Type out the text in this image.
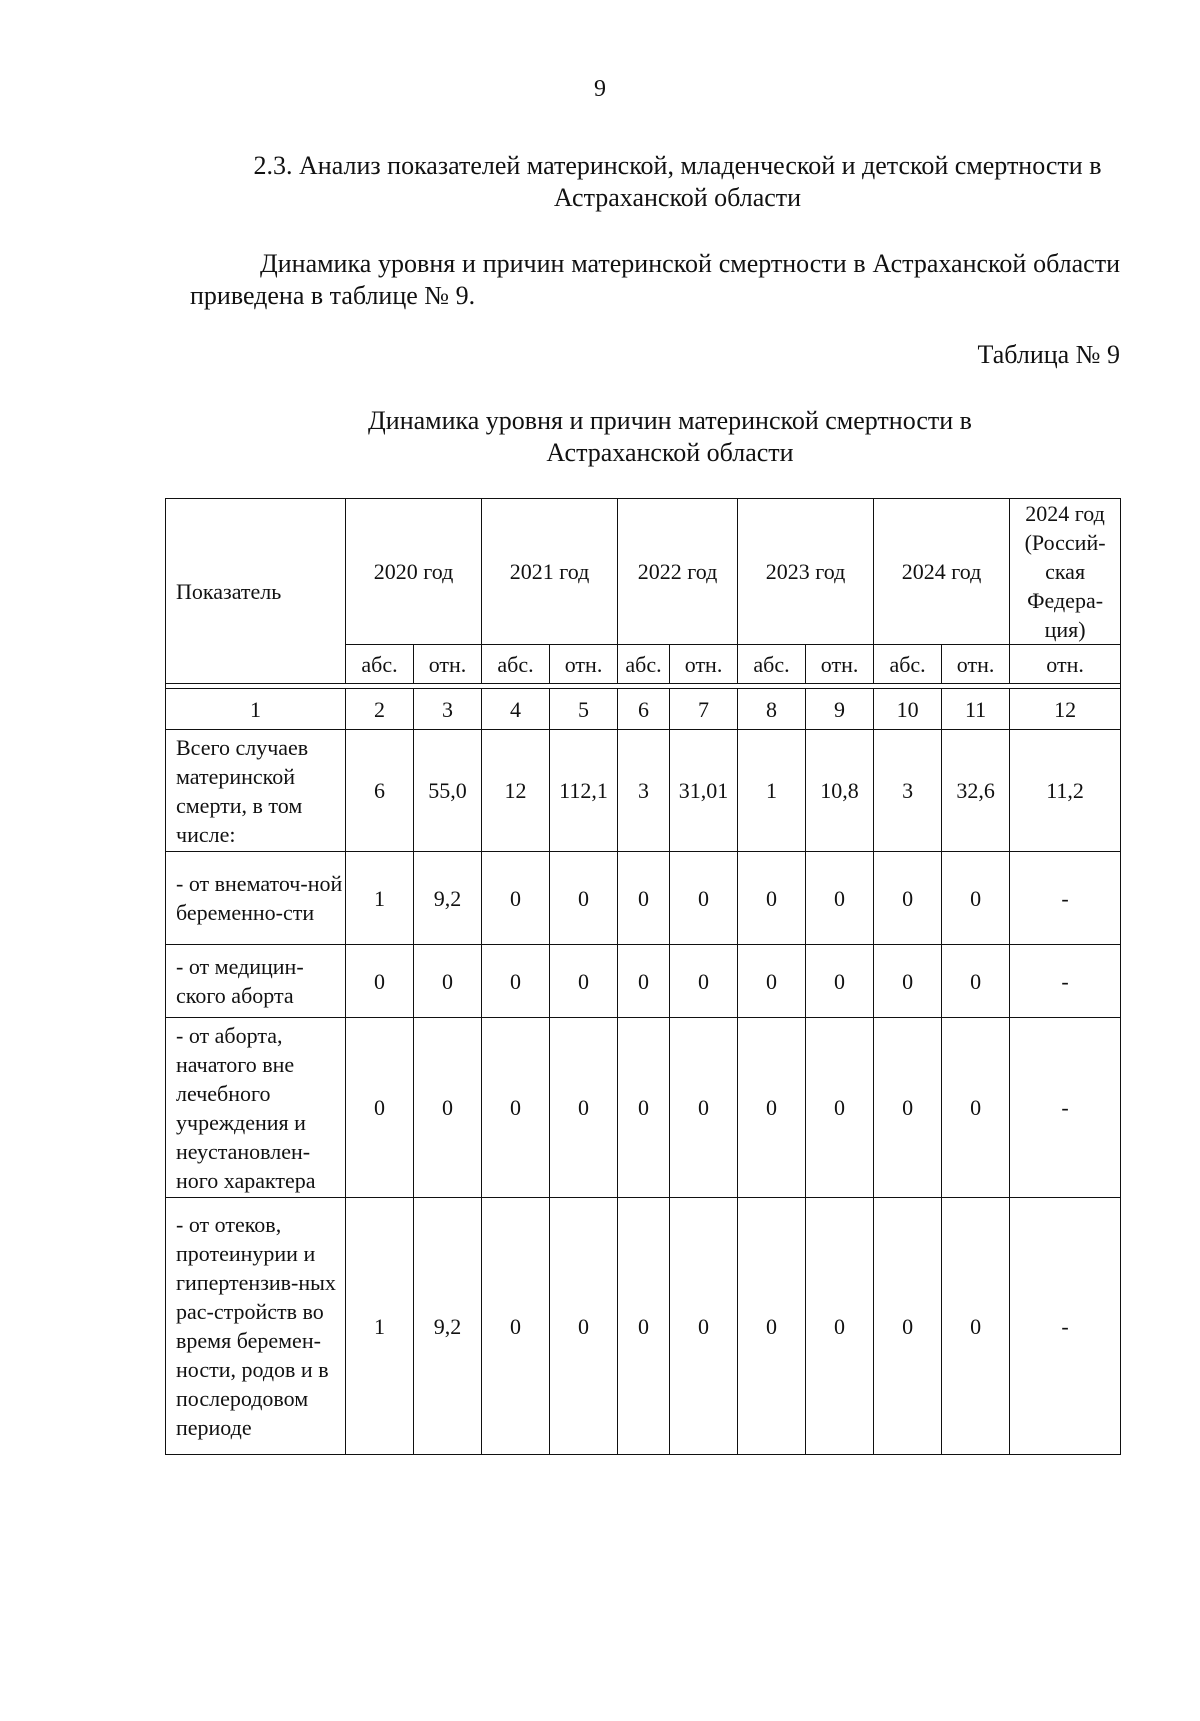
9
2.3. Анализ показателей материнской, младенческой и детской смертности в Астраханской области
Динамика уровня и причин материнской смертности в Астраханской области приведена в таблице № 9.
Таблица № 9
Динамика уровня и причин материнской смертности в Астраханской области
Показатель	2020 год		2021 год		2022 год		2023 год		2024 год		2024 год (Россий-ская Федера-ция)
	абс.	отн.	абс.	отн.	абс.	отн.	абс.	отн.	абс.	отн.	отн.

1	2	3	4	5	6	7	8	9	10	11	12
Всего случаев материнской смерти, в том числе:	6	55,0	12	112,1	3	31,01	1	10,8	3	32,6	11,2
- от внематоч-ной беременно-сти	1	9,2	0	0	0	0	0	0	0	0	-
- от медицин-ского аборта	0	0	0	0	0	0	0	0	0	0	-
- от аборта, начатого вне лечебного учреждения и неустановлен-ного характера	0	0	0	0	0	0	0	0	0	0	-
- от отеков, протеинурии и гипертензив-ных рас-стройств во время беремен-ности, родов и в послеродовом периоде	1	9,2	0	0	0	0	0	0	0	0	-
